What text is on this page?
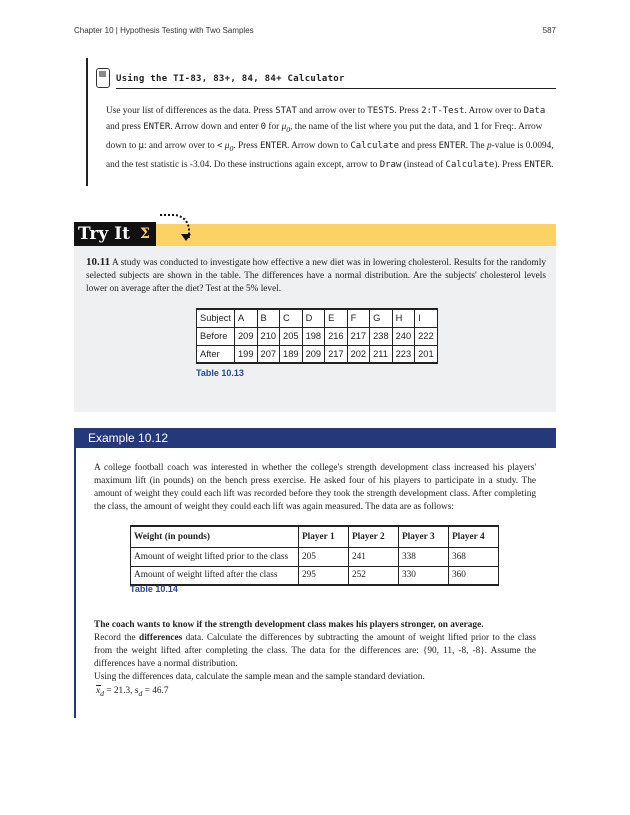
Chapter 10 | Hypothesis Testing with Two Samples	587
Using the TI-83, 83+, 84, 84+ Calculator

Use your list of differences as the data. Press STAT and arrow over to TESTS. Press 2:T-Test. Arrow over to Data and press ENTER. Arrow down and enter 0 for $\mu_0$, the name of the list where you put the data, and 1 for Freq:. Arrow down to μ: and arrow over to < $\mu_0$. Press ENTER. Arrow down to Calculate and press ENTER. The p-value is 0.0094, and the test statistic is -3.04. Do these instructions again except, arrow to Draw (instead of Calculate). Press ENTER.

Try It Σ

10.11 A study was conducted to investigate how effective a new diet was in lowering cholesterol. Results for the randomly selected subjects are shown in the table. The differences have a normal distribution. Are the subjects' cholesterol levels lower on average after the diet? Test at the 5% level.

Subject	A	B	C	D	E	F	G	H	I
Before	209	210	205	198	216	217	238	240	222
After	199	207	189	209	217	202	211	223	201
Table 10.13
Example 10.12

A college football coach was interested in whether the college's strength development class increased his players' maximum lift (in pounds) on the bench press exercise. He asked four of his players to participate in a study. The amount of weight they could each lift was recorded before they took the strength development class. After completing the class, the amount of weight they could each lift was again measured. The data are as follows:

Weight (in pounds)	Player 1	Player 2	Player 3	Player 4
Amount of weight lifted prior to the class	205	241	338	368
Amount of weight lifted after the class	295	252	330	360
Table 10.14

The coach wants to know if the strength development class makes his players stronger, on average.
Record the differences data. Calculate the differences by subtracting the amount of weight lifted prior to the class from the weight lifted after completing the class. The data for the differences are: {90, 11, -8, -8}. Assume the differences have a normal distribution.

Using the differences data, calculate the sample mean and the sample standard deviation.

$x_d = 21.3$, $s_d = 46.7$
